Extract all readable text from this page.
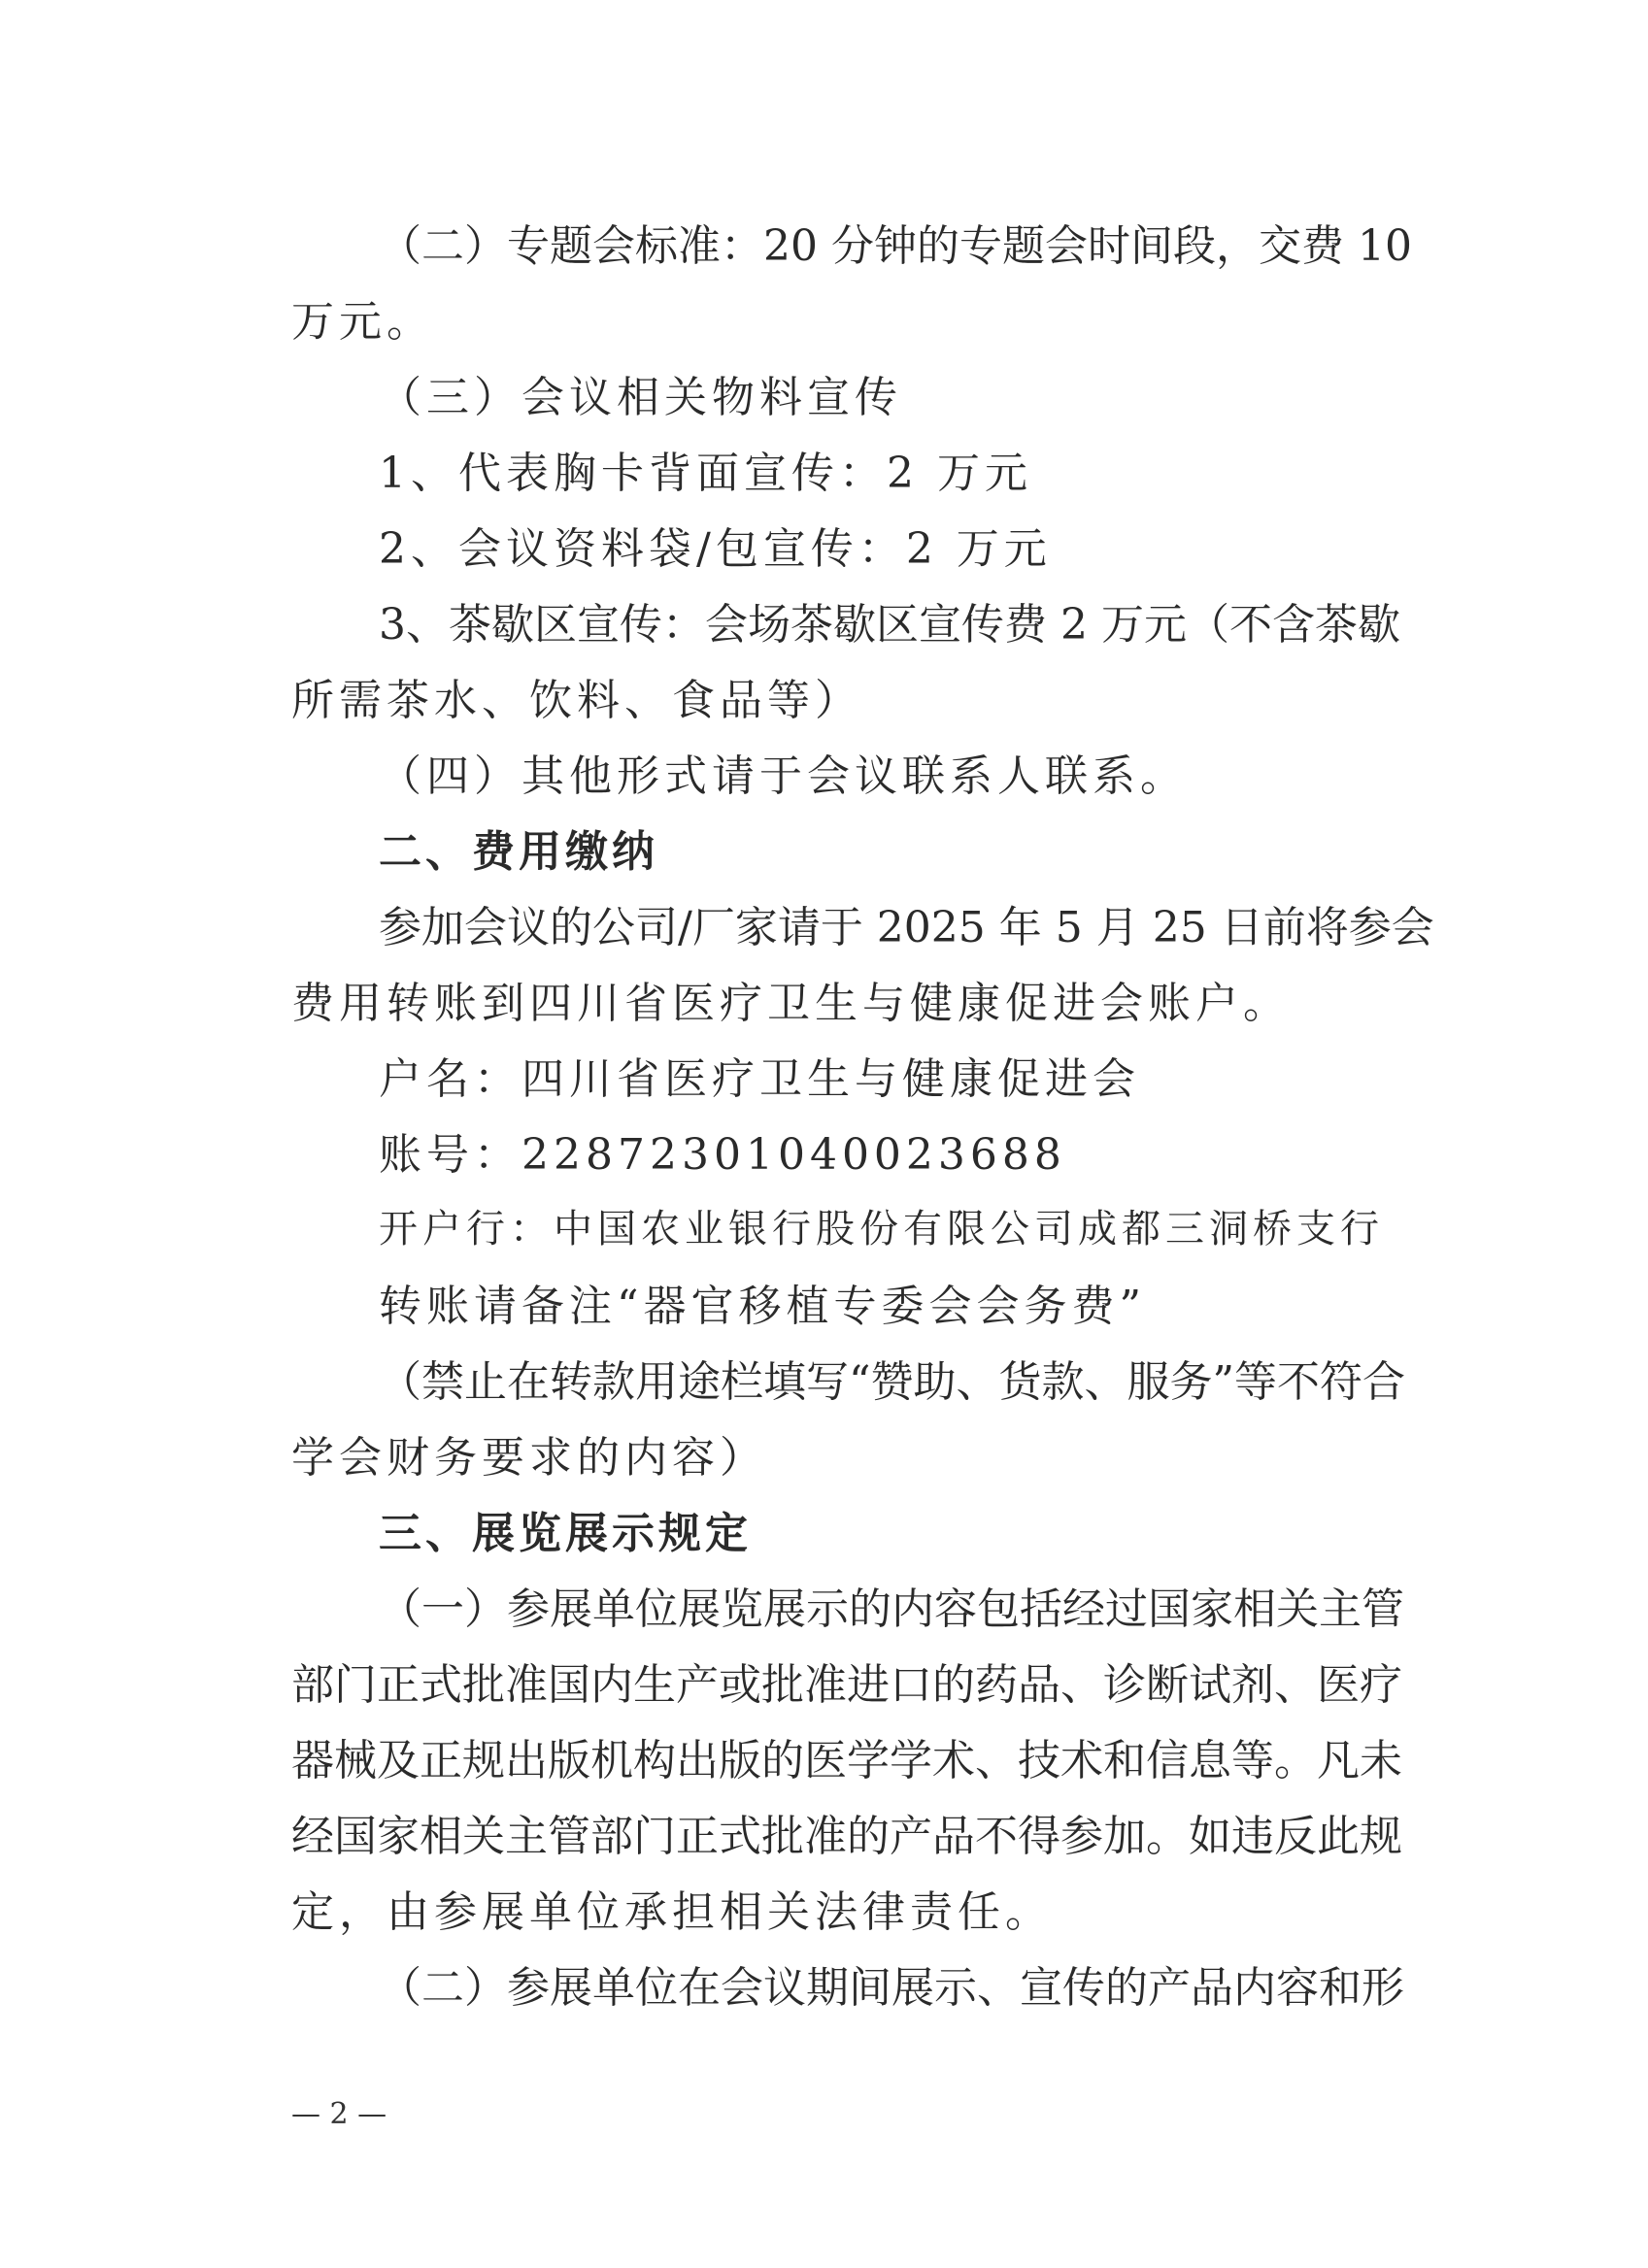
（二）专题会标准：20 分钟的专题会时间段，交费 10
万元。
（三）会议相关物料宣传
1、代表胸卡背面宣传：2 万元
2、会议资料袋/包宣传：2 万元
3、茶歇区宣传：会场茶歇区宣传费 2 万元（不含茶歇
所需茶水、饮料、食品等）
（四）其他形式请于会议联系人联系。
二、费用缴纳
参加会议的公司/厂家请于 2025 年 5 月 25 日前将参会
费用转账到四川省医疗卫生与健康促进会账户。
户名：四川省医疗卫生与健康促进会
账号：22872301040023688
开户行：中国农业银行股份有限公司成都三洞桥支行
转账请备注“器官移植专委会会务费”
（禁止在转款用途栏填写“赞助、货款、服务”等不符合
学会财务要求的内容）
三、展览展示规定
（一）参展单位展览展示的内容包括经过国家相关主管
部门正式批准国内生产或批准进口的药品、诊断试剂、医疗
器械及正规出版机构出版的医学学术、技术和信息等。凡未
经国家相关主管部门正式批准的产品不得参加。如违反此规
定，由参展单位承担相关法律责任。
（二）参展单位在会议期间展示、宣传的产品内容和形
— 2 —
